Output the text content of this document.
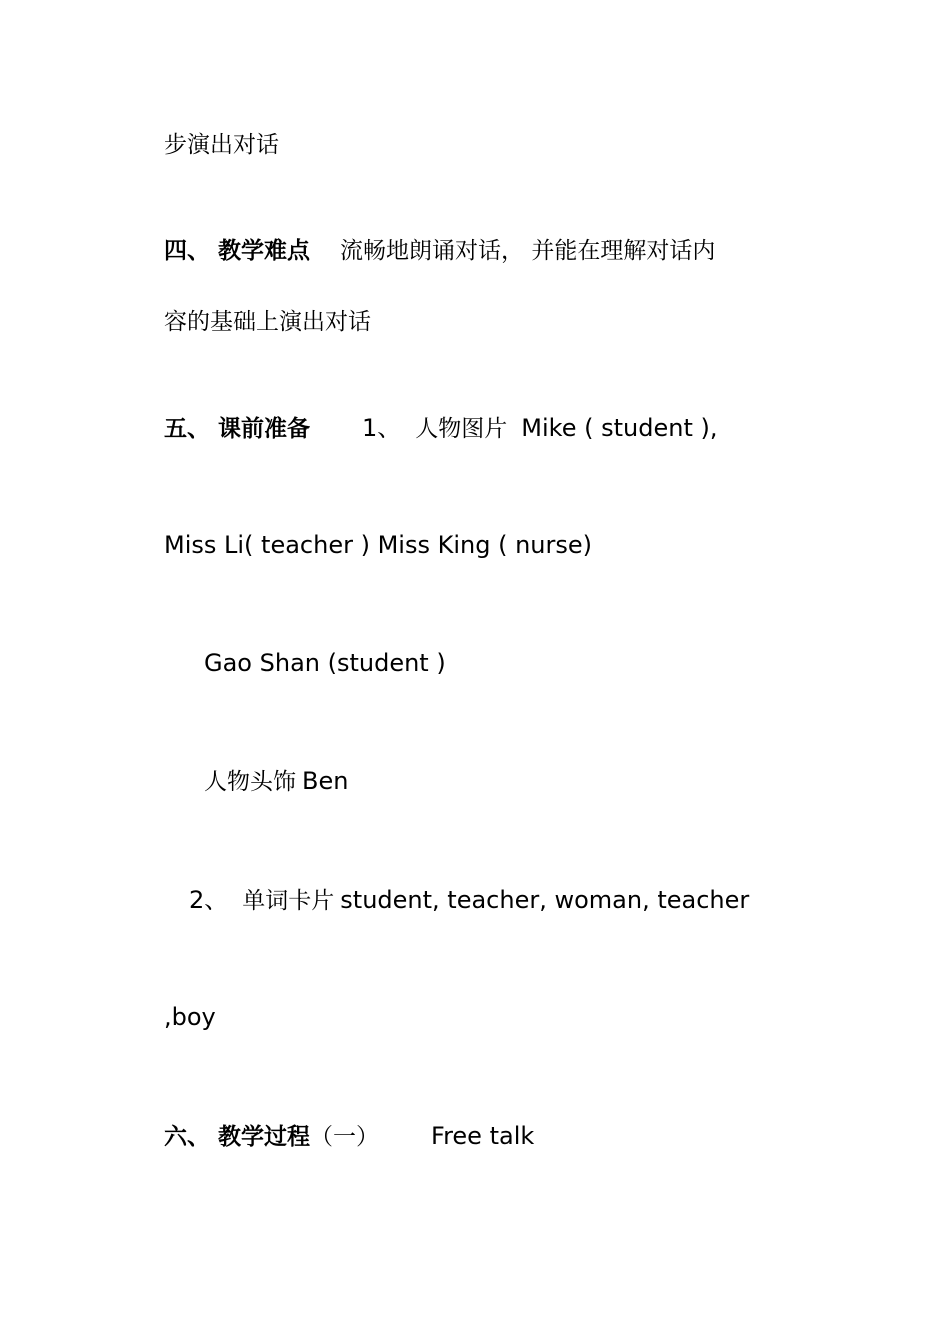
步演出对话
四、 教学难点 流畅地朗诵对话， 并能在理解对话内
容的基础上演出对话
五、 课前准备 1、 人物图片 Mike ( student ),
Miss Li( teacher ) Miss King ( nurse)
Gao Shan (student )
人物头饰 Ben
2、 单词卡片 student, teacher, woman, teacher
,boy
六、 教学过程（一） Free talk
